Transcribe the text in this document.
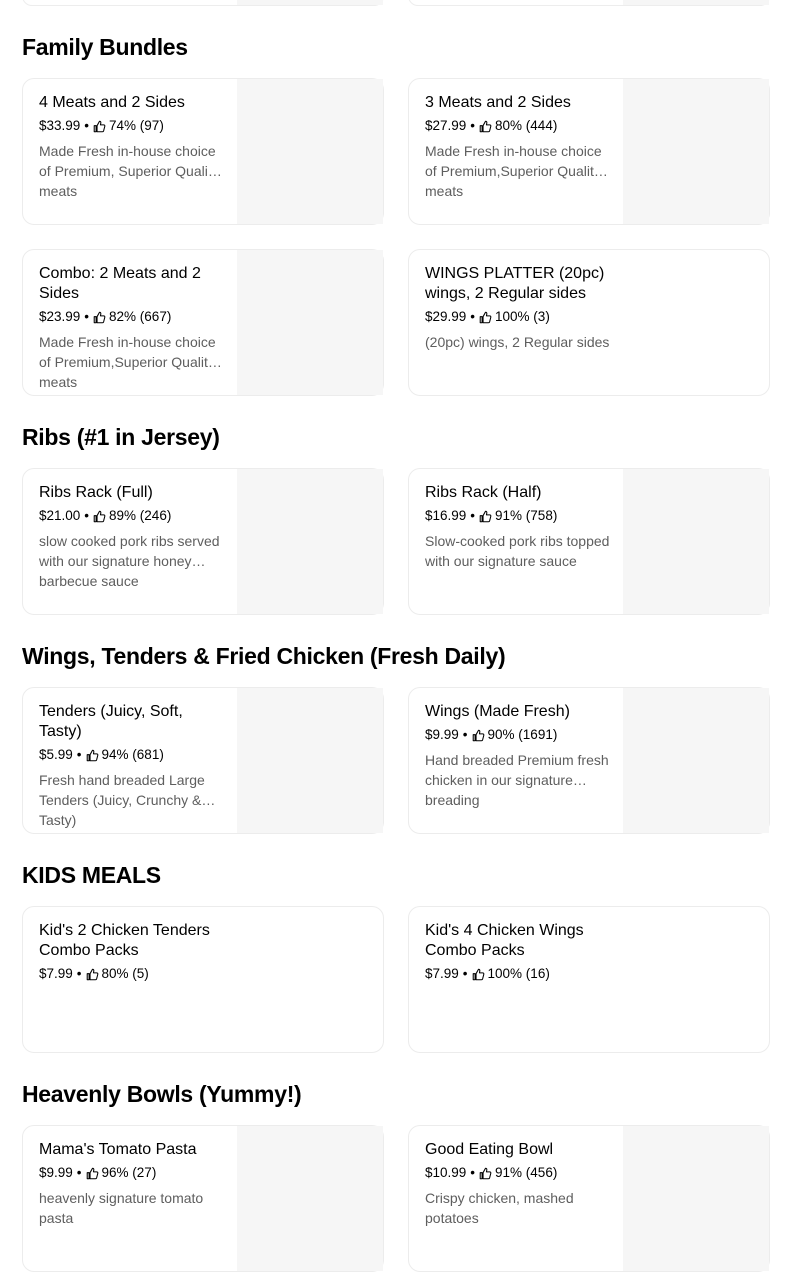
Family Bundles
4 Meats and 2 Sides
$33.99 • 74% (97)
Made Fresh in-house choice of Premium, Superior Quality meats
3 Meats and 2 Sides
$27.99 • 80% (444)
Made Fresh in-house choice of Premium,Superior Quality meats
Combo: 2 Meats and 2 Sides
$23.99 • 82% (667)
Made Fresh in-house choice of Premium,Superior Quality meats
WINGS PLATTER (20pc) wings, 2 Regular sides
$29.99 • 100% (3)
(20pc) wings, 2 Regular sides
Ribs (#1 in Jersey)
Ribs Rack (Full)
$21.00 • 89% (246)
slow cooked pork ribs served with our signature honey barbecue sauce
Ribs Rack (Half)
$16.99 • 91% (758)
Slow-cooked pork ribs topped with our signature sauce
Wings, Tenders & Fried Chicken (Fresh Daily)
Tenders (Juicy, Soft, Tasty)
$5.99 • 94% (681)
Fresh hand breaded Large Tenders (Juicy, Crunchy & Tasty)
Wings (Made Fresh)
$9.99 • 90% (1691)
Hand breaded Premium fresh chicken in our signature breading
KIDS MEALS
Kid's 2 Chicken Tenders Combo Packs
$7.99 • 80% (5)
Kid's 4 Chicken Wings Combo Packs
$7.99 • 100% (16)
Heavenly Bowls (Yummy!)
Mama's Tomato Pasta
$9.99 • 96% (27)
heavenly signature tomato pasta
Good Eating Bowl
$10.99 • 91% (456)
Crispy chicken, mashed potatoes
